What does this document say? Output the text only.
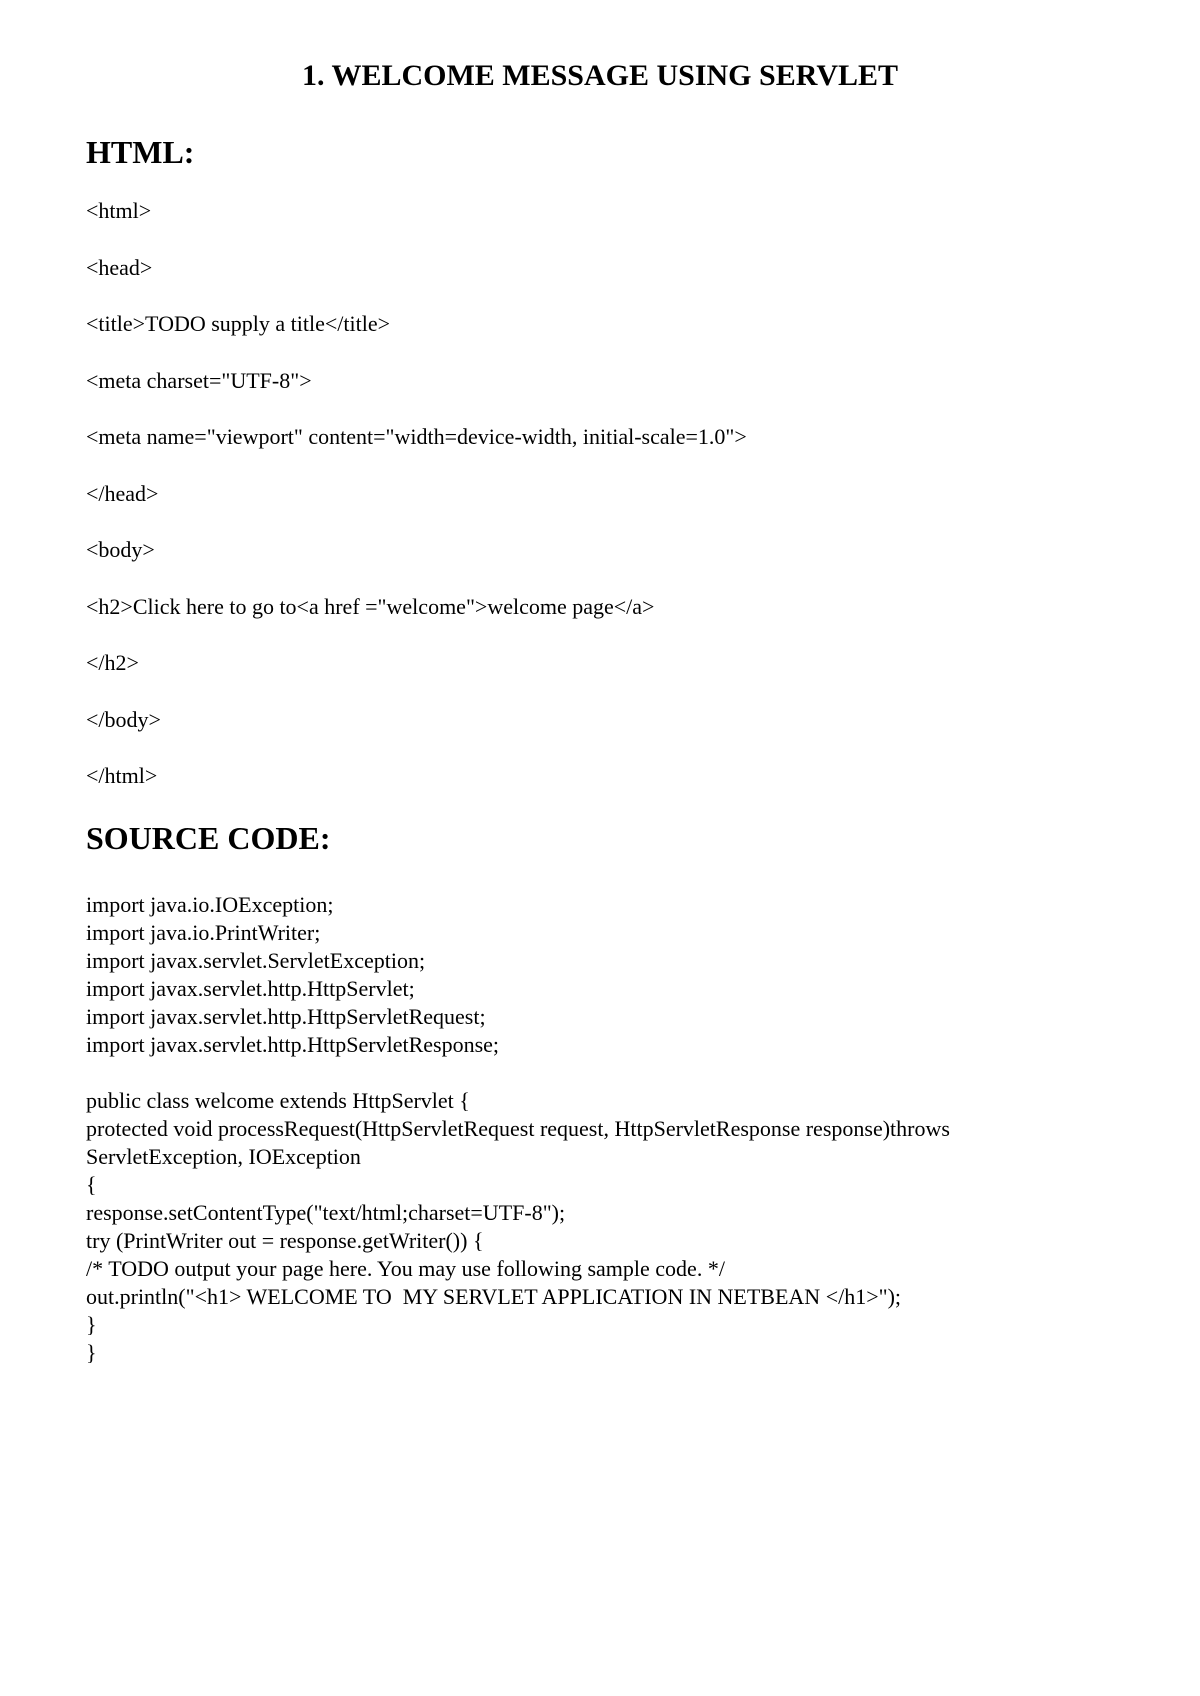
1. WELCOME MESSAGE USING SERVLET
HTML:
<html>
<head>
<title>TODO supply a title</title>
<meta charset="UTF-8">
<meta name="viewport" content="width=device-width, initial-scale=1.0">
</head>
<body>
<h2>Click here to go to<a href ="welcome">welcome page</a>
</h2>
</body>
</html>
SOURCE CODE:
import java.io.IOException;
import java.io.PrintWriter;
import javax.servlet.ServletException;
import javax.servlet.http.HttpServlet;
import javax.servlet.http.HttpServletRequest;
import javax.servlet.http.HttpServletResponse;
public class welcome extends HttpServlet {
protected void processRequest(HttpServletRequest request, HttpServletResponse response)throws
ServletException, IOException
{
response.setContentType("text/html;charset=UTF-8");
try (PrintWriter out = response.getWriter()) {
/* TODO output your page here. You may use following sample code. */
out.println("<h1> WELCOME TO  MY SERVLET APPLICATION IN NETBEAN </h1>");
}
}
